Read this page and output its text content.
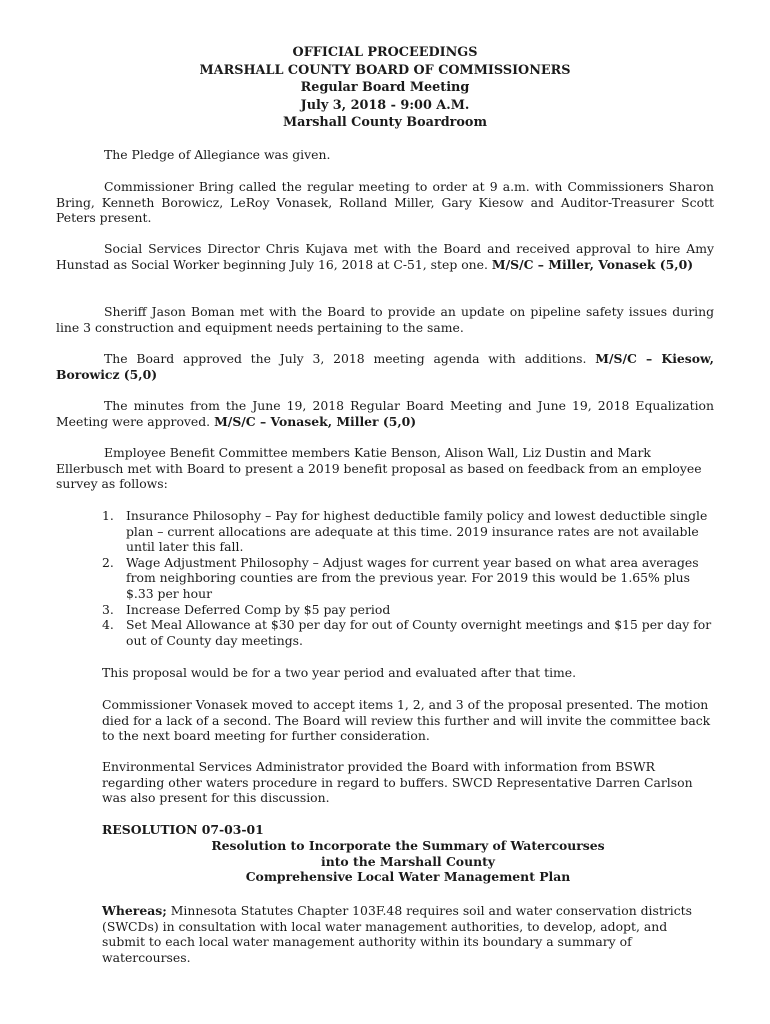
OFFICIAL PROCEEDINGS
MARSHALL COUNTY BOARD OF COMMISSIONERS
Regular Board Meeting
July 3, 2018 - 9:00 A.M.
Marshall County Boardroom

The Pledge of Allegiance was given.

Commissioner Bring called the regular meeting to order at 9 a.m. with Commissioners Sharon Bring, Kenneth Borowicz, LeRoy Vonasek, Rolland Miller, Gary Kiesow and Auditor-Treasurer Scott Peters present.

Social Services Director Chris Kujava met with the Board and received approval to hire Amy Hunstad as Social Worker beginning July 16, 2018 at C-51, step one. M/S/C – Miller, Vonasek (5,0)

Sheriff Jason Boman met with the Board to provide an update on pipeline safety issues during line 3 construction and equipment needs pertaining to the same.

The Board approved the July 3, 2018 meeting agenda with additions. M/S/C – Kiesow, Borowicz (5,0)

The minutes from the June 19, 2018 Regular Board Meeting and June 19, 2018 Equalization Meeting were approved. M/S/C – Vonasek, Miller (5,0)

Employee Benefit Committee members Katie Benson, Alison Wall, Liz Dustin and Mark Ellerbusch met with Board to present a 2019 benefit proposal as based on feedback from an employee survey as follows:

1. Insurance Philosophy – Pay for highest deductible family policy and lowest deductible single plan – current allocations are adequate at this time. 2019 insurance rates are not available until later this fall.
2. Wage Adjustment Philosophy – Adjust wages for current year based on what area averages from neighboring counties are from the previous year. For 2019 this would be 1.65% plus $.33 per hour
3. Increase Deferred Comp by $5 pay period
4. Set Meal Allowance at $30 per day for out of County overnight meetings and $15 per day for out of County day meetings.

This proposal would be for a two year period and evaluated after that time.

Commissioner Vonasek moved to accept items 1, 2, and 3 of the proposal presented. The motion died for a lack of a second. The Board will review this further and will invite the committee back to the next board meeting for further consideration.

Environmental Services Administrator provided the Board with information from BSWR regarding other waters procedure in regard to buffers. SWCD Representative Darren Carlson was also present for this discussion.

RESOLUTION 07-03-01
Resolution to Incorporate the Summary of Watercourses
into the Marshall County
Comprehensive Local Water Management Plan

Whereas; Minnesota Statutes Chapter 103F.48 requires soil and water conservation districts (SWCDs) in consultation with local water management authorities, to develop, adopt, and submit to each local water management authority within its boundary a summary of watercourses.
